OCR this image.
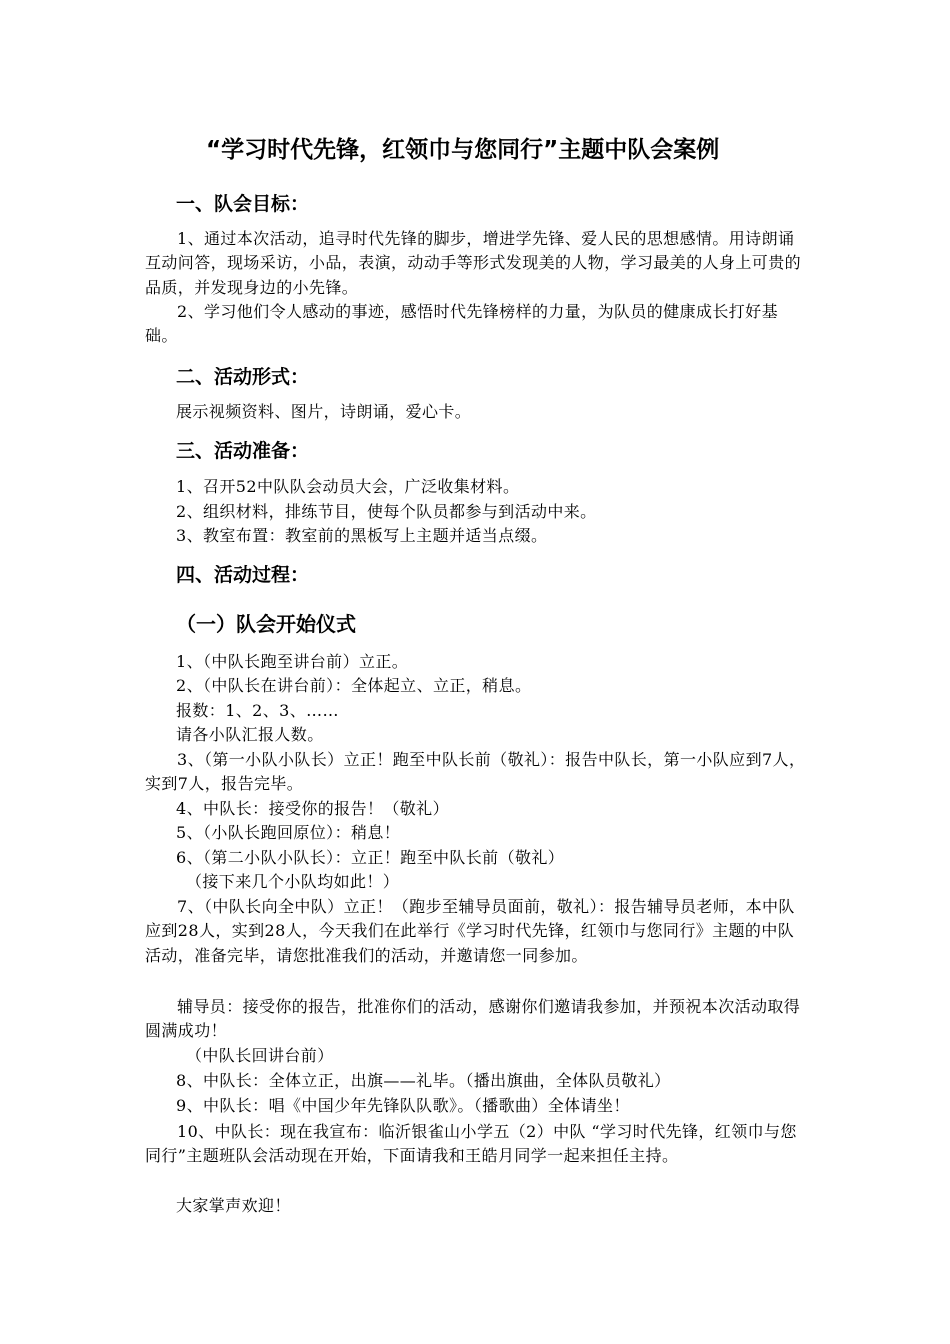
“学习时代先锋，红领巾与您同行”主题中队会案例
一、队会目标：
1、通过本次活动，追寻时代先锋的脚步，增进学先锋、爱人民的思想感情。用诗朗诵互动问答，现场采访，小品，表演，动动手等形式发现美的人物，学习最美的人身上可贵的品质，并发现身边的小先锋。
2、学习他们令人感动的事迹，感悟时代先锋榜样的力量，为队员的健康成长打好基础。
二、活动形式：
展示视频资料、图片，诗朗诵，爱心卡。
三、活动准备：
1、召开52中队队会动员大会，广泛收集材料。
2、组织材料，排练节目，使每个队员都参与到活动中来。
3、教室布置：教室前的黑板写上主题并适当点缀。
四、活动过程：
（一）队会开始仪式
1、（中队长跑至讲台前）立正。
2、（中队长在讲台前）：全体起立、立正，稍息。
报数：1、2、3、……
请各小队汇报人数。
3、（第一小队小队长）立正！跑至中队长前（敬礼）：报告中队长，第一小队应到7人，实到7人，报告完毕。
4、中队长：接受你的报告！（敬礼）
5、（小队长跑回原位）：稍息！
6、（第二小队小队长）：立正！跑至中队长前（敬礼）
（接下来几个小队均如此！）
7、（中队长向全中队）立正！（跑步至辅导员面前，敬礼）：报告辅导员老师，本中队应到28人，实到28人，今天我们在此举行《学习时代先锋，红领巾与您同行》主题的中队活动，准备完毕，请您批准我们的活动，并邀请您一同参加。
辅导员：接受你的报告，批准你们的活动，感谢你们邀请我参加，并预祝本次活动取得圆满成功！
（中队长回讲台前）
8、中队长：全体立正，出旗——礼毕。（播出旗曲，全体队员敬礼）
9、中队长：唱《中国少年先锋队队歌》。（播歌曲）全体请坐！
10、中队长：现在我宣布：临沂银雀山小学五（2）中队 “学习时代先锋，红领巾与您同行”主题班队会活动现在开始，下面请我和王皓月同学一起来担任主持。
大家掌声欢迎！
